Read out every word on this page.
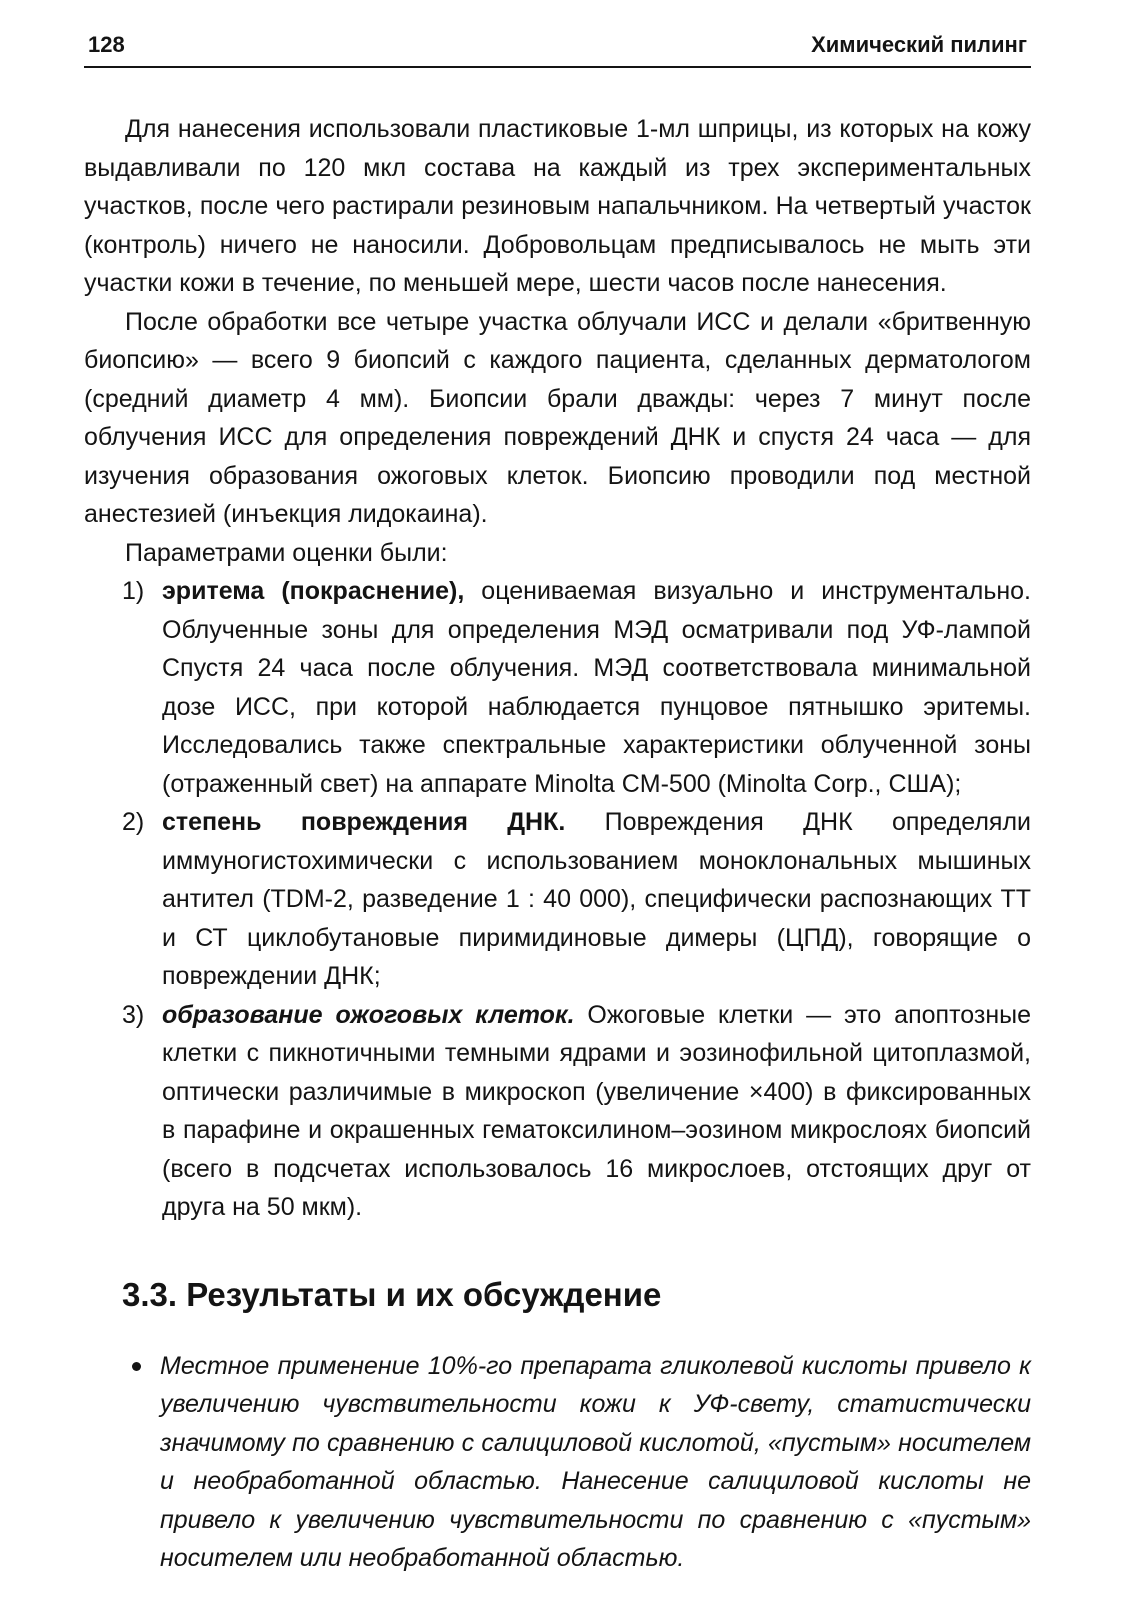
128	Химический пилинг

Для нанесения использовали пластиковые 1-мл шприцы, из которых на кожу выдавливали по 120 мкл состава на каждый из трех экспериментальных участков, после чего растирали резиновым напальчником. На четвертый участок (контроль) ничего не наносили. Добровольцам предписывалось не мыть эти участки кожи в течение, по меньшей мере, шести часов после нанесения.

После обработки все четыре участка облучали ИСС и делали «бритвенную биопсию» — всего 9 биопсий с каждого пациента, сделанных дерматологом (средний диаметр 4 мм). Биопсии брали дважды: через 7 минут после облучения ИСС для определения повреждений ДНК и спустя 24 часа — для изучения образования ожоговых клеток. Биопсию проводили под местной анестезией (инъекция лидокаина).

Параметрами оценки были:

1) эритема (покраснение), оцениваемая визуально и инструментально. Облученные зоны для определения МЭД осматривали под УФ-лампой Спустя 24 часа после облучения. МЭД соответствовала минимальной дозе ИСС, при которой наблюдается пунцовое пятнышко эритемы. Исследовались также спектральные характеристики облученной зоны (отраженный свет) на аппарате Minolta CM-500 (Minolta Corp., США);
2) степень повреждения ДНК. Повреждения ДНК определяли иммуногистохимически с использованием моноклональных мышиных антител (TDM-2, разведение 1 : 40 000), специфически распознающих ТТ и СТ циклобутановые пиримидиновые димеры (ЦПД), говорящие о повреждении ДНК;
3) образование ожоговых клеток. Ожоговые клетки — это апоптозные клетки с пикнотичными темными ядрами и эозинофильной цитоплазмой, оптически различимые в микроскоп (увеличение ×400) в фиксированных в парафине и окрашенных гематоксилином–эозином микрослоях биопсий (всего в подсчетах использовалось 16 микрослоев, отстоящих друг от друга на 50 мкм).
3.3. Результаты и их обсуждение
Местное применение 10%-го препарата гликолевой кислоты привело к увеличению чувствительности кожи к УФ-свету, статистически значимому по сравнению с салициловой кислотой, «пустым» носителем и необработанной областью. Нанесение салициловой кислоты не привело к увеличению чувствительности по сравнению с «пустым» носителем или необработанной областью.
